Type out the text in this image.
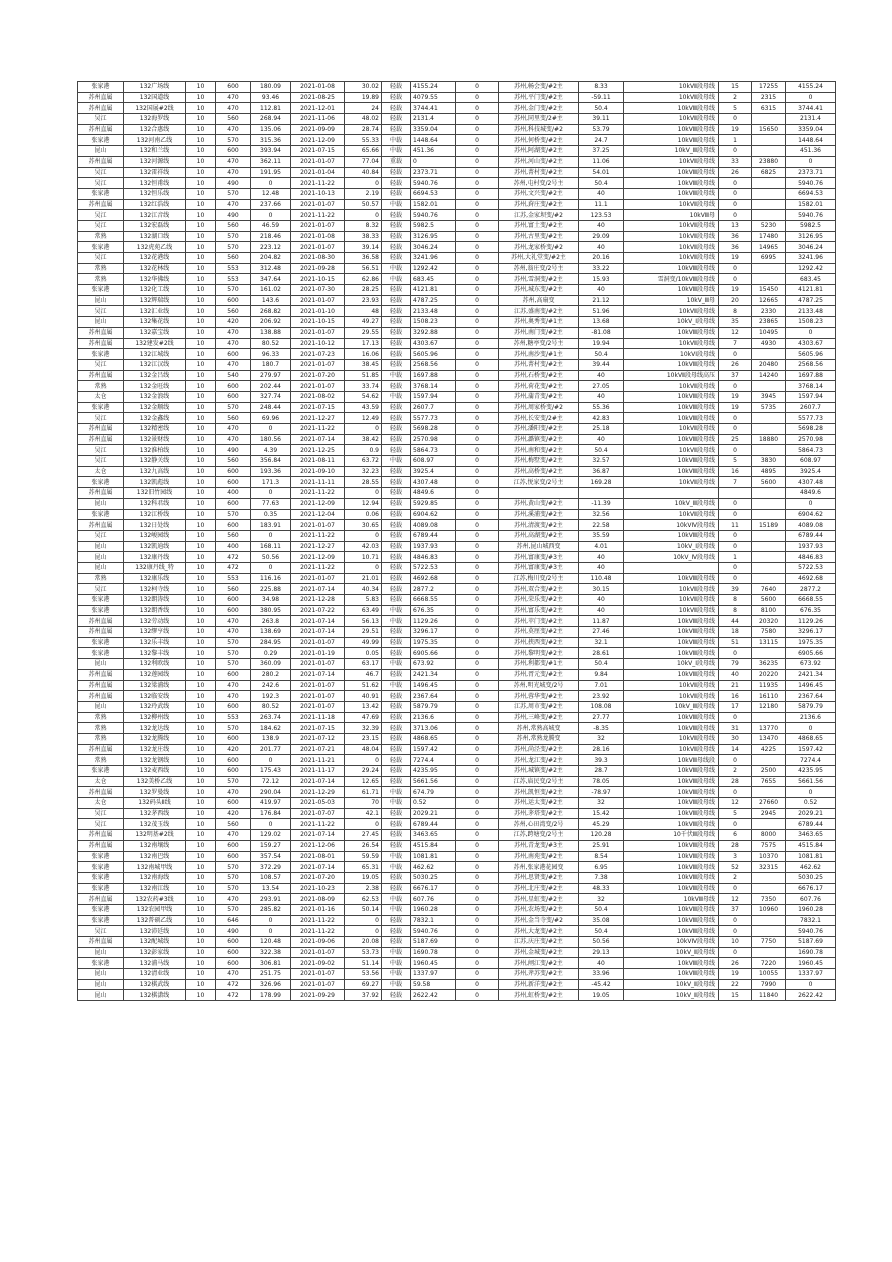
张家港	132广场线	10	600	180.09	2021-01-08	30.02	轻载	4155.24	0	苏州,畅会变/#2主	8.33	10kVⅡ段母线	15	17255	4155.24
苏州直属	132国道线	10	470	93.46	2021-08-25	19.89	轻载	4079.55	0	苏州,平门变/#2主	-59.11	10kVⅡ段母线	2	2315	0
苏州直属	132国展#2线	10	470	112.81	2021-12-01	24	轻载	3744.41	0	苏州,金门变/#2主	50.4	10kVⅢ段母线	5	6315	3744.41
吴江	132海罗线	10	560	268.94	2021-11-06	48.02	轻载	2131.4	0	苏州,同里变/2#主	39.11	10kVⅡ段母线	0		2131.4
苏州直属	132合惠线	10	470	135.06	2021-09-09	28.74	轻载	3359.04	0	苏州,科技城变/#2	53.79	10kVⅢ段母线	19	15650	3359.04
张家港	132河南乙线	10	570	315.36	2021-12-09	55.33	中载	1448.64	0	苏州,何桥变/#2主	24.7	10kVⅢ段母线	1		1448.64
昆山	132和兰线	10	600	393.94	2021-07-15	65.66	中载	451.36	0	苏州,阿湖变/#2主	37.25	10kV_Ⅲ段母线	0		451.36
苏州直属	132河源线	10	470	362.11	2021-01-07	77.04	重载	0	0	苏州,河山变/#2主	11.06	10kVⅡ段母线	33	23880	0
吴江	132雷祥线	10	470	191.95	2021-01-04	40.84	轻载	2373.71	0	苏州,菁村变/#2主	54.01	10kVⅢ段母线	26	6825	2373.71
吴江	132恒甫线	10	490	0	2021-11-22	0	轻载	5940.76	0	苏州,屯村变/2号主	50.4	10kVⅢ段母线	0		5940.76
张家港	132恒乐线	10	570	12.48	2021-10-13	2.19	轻载	6694.53	0	苏州,文兴变/#2主	40	10kVⅢ段母线	0		6694.53
苏州直属	132红浩线	10	470	237.66	2021-01-07	50.57	中载	1582.01	0	苏州,葑庄变/#2主	11.1	10kVⅡ段母线	0		1582.01
吴江	132江音线	10	490	0	2021-11-22	0	轻载	5940.76	0	江苏,金家坝变/#2	123.53	10kVⅢ母	0		5940.76
吴江	132宏磊线	10	560	46.59	2021-01-07	8.32	轻载	5982.5	0	苏州,富土变/#2主	40	10kVⅡ段母线	13	5230	5982.5
常熟	132湖口线	10	570	218.46	2021-01-08	38.33	轻载	3126.95	0	苏州,古里变/#2主	29.09	10kVⅡ段母线	36	17480	3126.95
张家港	132虎苑乙线	10	570	223.12	2021-01-07	39.14	轻载	3046.24	0	苏州,龙家桥变/#2	40	10kVⅡ段母线	36	14965	3046.24
吴江	132花港线	10	560	204.82	2021-08-30	36.58	轻载	3241.96	0	苏州,大礼堂变/#2主	20.16	10kVⅡ段母线	19	6995	3241.96
常熟	132花林线	10	553	312.48	2021-09-28	56.51	中载	1292.42	0	苏州,翁庄变/2号主	33.22	10kVⅢ段母线	0		1292.42
常熟	132华佛线	10	553	347.64	2021-10-15	62.86	中载	683.45	0	苏州,雪洞变/#2主	15.93	雪洞变/10kVⅢ段母线	0		683.45
张家港	132化工线	10	570	161.02	2021-07-30	28.25	轻载	4121.81	0	苏州,城东变/#2主	40	10kVⅢ段母线	19	15450	4121.81
昆山	132辉瑞线	10	600	143.6	2021-01-07	23.93	轻载	4787.25	0	苏州,高扇变	21.12	10kV_Ⅲ母	20	12665	4787.25
吴江	132汇业线	10	560	268.82	2021-01-10	48	轻载	2133.48	0	江苏,盛南变/#2主	51.96	10kVⅡ段母线	8	2330	2133.48
昆山	132集花线	10	420	206.92	2021-10-15	49.27	轻载	1508.23	0	苏州,奥秀变/#1主	13.68	10kV_Ⅰ段母线	35	23865	1508.23
苏州直属	132嘉宝线	10	470	138.88	2021-01-07	29.55	轻载	3292.88	0	苏州,南门变/#2主	-81.08	10kVⅢ段母线	12	10495	0
苏州直属	132建发#2线	10	470	80.52	2021-10-12	17.13	轻载	4303.67	0	苏州,糖亭变/2号主	19.94	10kVⅡ段母线	7	4930	4303.67
张家港	132江城线	10	600	96.33	2021-07-23	16.06	轻载	5605.96	0	苏州,南沙变/#1主	50.4	10kVⅠ段母线	0		5605.96
吴江	132江汉线	10	470	180.7	2021-01-07	38.45	轻载	2568.56	0	苏州,菁村变/#2主	39.44	10kVⅢ段母线	26	20480	2568.56
苏州直属	132金吕线	10	540	279.97	2021-07-20	51.85	中载	1697.88	0	苏州,石桥变/#2主	40	10kVⅡ段母线高压	37	14240	1697.88
常熟	132金旺线	10	600	202.44	2021-01-07	33.74	轻载	3768.14	0	苏州,荷花变/#2主	27.05	10kVⅡ段母线	0		3768.14
太仓	132金浪线	10	600	327.74	2021-08-02	54.62	中载	1597.94	0	苏州,蒲青变/#2主	40	10kVⅢ段母线	19	3945	1597.94
张家港	132金顺线	10	570	248.44	2021-07-15	43.59	轻载	2607.7	0	苏州,周家桥变/#2	55.36	10kVⅢ段母线	19	5735	2607.7
吴江	132金鑫线	10	560	69.96	2021-12-27	12.49	轻载	5577.73	0	苏州,长安变/2#主	42.83	10kVⅢ段母线	0		5577.73
苏州直属	132精密线	10	470	0	2021-11-22	0	轻载	5698.28	0	苏州,潘阳变/#2主	25.18	10kVⅡ段母线	0		5698.28
苏州直属	132景财线	10	470	180.56	2021-07-14	38.42	轻载	2570.98	0	苏州,潞镇变/#2主	40	10kVⅢ段母线	25	18880	2570.98
吴江	132淮柏线	10	490	4.39	2021-12-25	0.9	轻载	5864.73	0	苏州,南和变/#2主	50.4	10kVⅡ段母线	0		5864.73
吴江	132静关线	10	560	356.84	2021-08-11	63.72	中载	608.97	0	苏州,梅墅变/#2主	32.57	10kVⅢ段母线	5	3830	608.97
太仓	132九高线	10	600	193.36	2021-09-10	32.23	轻载	3925.4	0	苏州,高桥变/#2主	36.87	10kVⅢ段母线	16	4895	3925.4
张家港	132凯彪线	10	600	171.3	2021-11-11	28.55	轻载	4307.48	0	江苏,悦家变/2号主	169.28	10kVⅡ段母线	7	5600	4307.48
苏州直属	132旧竹园线	10	400	0	2021-11-22	0	轻载	4849.6	0						4849.6
昆山	132科君线	10	600	77.63	2021-12-09	12.94	轻载	5929.85	0	苏州,黄山变/#2主	-11.39	10kV_Ⅲ段母线	0		0
张家港	132江桥线	10	570	0.35	2021-12-04	0.06	轻载	6904.62	0	苏州,溪浦变/#2主	32.56	10kVⅡ段母线	0		6904.62
苏州直属	132日处线	10	600	183.91	2021-01-07	30.65	轻载	4089.08	0	苏州,清渡变/#2主	22.58	10kVⅣ段母线	11	15189	4089.08
吴江	132峻园线	10	560	0	2021-11-22	0	轻载	6789.44	0	苏州,高湖变/#2主	35.59	10kVⅢ段母线	0		6789.44
昆山	132凯迪线	10	400	168.11	2021-12-27	42.03	轻载	1937.93	0	苏州,昆山城西变	4.01	10kV_Ⅰ段母线	0		1937.93
昆山	132康丹线	10	472	50.56	2021-12-09	10.71	轻载	4846.83	0	苏州,富康变/#3主	40	10kV_Ⅳ段母线	1		4846.83
昆山	132康丹线_特	10	472	0	2021-11-22	0	轻载	5722.53	0	苏州,富康变/#3主	40		0		5722.53
常熟	132康乐线	10	553	116.16	2021-01-07	21.01	轻载	4692.68	0	江苏,梅川变/2号主	110.48	10kVⅢ段母线	0		4692.68
吴江	132柯寺线	10	560	225.88	2021-07-14	40.34	轻载	2877.2	0	苏州,双合变/#2主	30.15	10kVⅡ段母线	39	7640	2877.2
张家港	132朗涛线	10	600	34.98	2021-12-28	5.83	轻载	6668.55	0	苏州,荣乐变/#2主	40	10kVⅡ段母线	8	5600	6668.55
张家港	132朗香线	10	600	380.95	2021-07-22	63.49	中载	676.35	0	苏州,富乐变/#2主	40	10kVⅡ段母线	8	8100	676.35
苏州直属	132劳动线	10	470	263.8	2021-07-14	56.13	中载	1129.26	0	苏州,苹门变/#2主	11.87	10kVⅢ段母线	44	20320	1129.26
苏州直属	132缪亨线	10	470	138.69	2021-07-14	29.51	轻载	3296.17	0	苏州,莫厘变/#2主	27.46	10kVⅢ段母线	18	7580	3296.17
张家港	132乐丰线	10	570	284.95	2021-01-07	49.99	轻载	1975.35	0	苏州,挟西变/#2主	32.1	10kVⅢ段母线	51	13115	1975.35
张家港	132黎丰线	10	570	0.29	2021-01-19	0.05	轻载	6905.66	0	苏州,黎明变/#2主	28.61	10kVⅢ段母线	0		6905.66
昆山	132利欧线	10	570	360.09	2021-01-07	63.17	中载	673.92	0	苏州,利都变/#1主	50.4	10kV_Ⅰ段母线	79	36235	673.92
苏州直属	132莲园线	10	600	280.2	2021-07-14	46.7	轻载	2421.34	0	苏州,胥元变/#2主	9.84	10kVⅢ段母线	40	20220	2421.34
苏州直属	132梁浦线	10	470	242.6	2021-01-07	51.62	中载	1496.45	0	苏州,明光城变/2号	7.01	10kVⅡ段母线	21	11935	1496.45
苏州直属	132临安线	10	470	192.3	2021-01-07	40.91	轻载	2367.64	0	苏州,蓉华变/#2主	23.92	10kVⅡ段母线	16	16110	2367.64
昆山	132玲武线	10	600	80.52	2021-01-07	13.42	轻载	5879.79	0	江苏,周市变/#2主	108.08	10kV_Ⅲ段母线	17	12180	5879.79
常熟	132柳州线	10	553	263.74	2021-11-18	47.69	轻载	2136.6	0	苏州,三峰变/#2主	27.77	10kVⅢ段母线	0		2136.6
常熟	132龙达线	10	570	184.62	2021-07-15	32.39	轻载	3713.06	0	苏州,常熟高城变	-8.35	10kVⅢ段母线	31	13770	0
常熟	132龙腾线	10	600	138.9	2021-07-12	23.15	轻载	4868.65	0	苏州,常熟龙腾变	32	10kVⅡ段母线	30	13470	4868.65
苏州直属	132龙庄线	10	420	201.77	2021-07-21	48.04	轻载	1597.42	0	苏州,尚泾变/#2主	28.16	10kVⅡ段母线	14	4225	1597.42
常熟	132龙钢线	10	600	0	2021-11-21	0	轻载	7274.4	0	苏州,龙江变/#2主	39.3	10kVⅢ母线段	0		7274.4
张家港	132麦西线	10	600	175.43	2021-11-17	29.24	轻载	4235.95	0	苏州,城镇变/#2主	28.7	10kVⅢ段母线	2	2500	4235.95
太仓	132美桥乙线	10	570	72.12	2021-07-14	12.65	轻载	5661.56	0	江苏,庙民变/2号主	78.05	10kVⅢ段母线	28	7655	5661.56
苏州直属	132罗曼线	10	470	290.04	2021-12-29	61.71	中载	674.79	0	苏州,凯恒变/#2主	-78.97	10kVⅢ段母线	0		0
太仓	132码头Ⅱ线	10	600	419.97	2021-05-03	70	中载	0.52	0	苏州,运太变/#2主	32	10kVⅢ段母线	12	27660	0.52
吴江	132茅西线	10	420	176.84	2021-07-07	42.1	轻载	2029.21	0	苏州,茅塔变/#2主	15.42	10kVⅢ段母线	5	2945	2029.21
吴江	132茂玉线	10	560	0	2021-11-22	0	轻载	6789.44	0	苏州,心田湾变/2号	45.29	10kVⅢ段母线	0		6789.44
苏州直属	132明基#2线	10	470	129.02	2021-07-14	27.45	轻载	3463.65	0	江苏,跨塘变/2号主	120.28	10千伏Ⅲ段母线	6	8000	3463.65
苏州直属	132南壤线	10	600	159.27	2021-12-06	26.54	轻载	4515.84	0	苏州,青龙变/#3主	25.91	10kVⅢ段母线	28	7575	4515.84
张家港	132南巴线	10	600	357.54	2021-08-01	59.59	中载	1081.81	0	苏州,南苑变/#2主	8.54	10kVⅢ段母线	3	10370	1081.81
张家港	132南城甲线	10	570	372.29	2021-07-14	65.31	中载	462.62	0	苏州,张家港花园变	6.95	10kVⅢ段母线	52	32315	462.62
张家港	132南海线	10	570	108.57	2021-07-20	19.05	轻载	5030.25	0	苏州,思贤变/#2主	7.38	10kVⅢ段母线	2		5030.25
张家港	132南江线	10	570	13.54	2021-10-23	2.38	轻载	6676.17	0	苏州,北庄变/#2主	48.33	10kVⅢ段母线	0		6676.17
苏州直属	132农药#3线	10	470	293.91	2021-08-09	62.53	中载	607.76	0	苏州,星虹变/#2主	32	10kVⅢ母线	12	7350	607.76
张家港	132农园甲线	10	570	285.82	2021-01-16	50.14	中载	1960.28	0	苏州,农场变/#2主	50.4	10kVⅢ段母线	37	10960	1960.28
张家港	132普硕乙线	10	646	0	2021-11-22	0	轻载	7832.1	0	苏州,金当寺变/#2	35.08	10kVⅢ段母线	0		7832.1
吴江	132沛廷线	10	490	0	2021-11-22	0	轻载	5940.76	0	苏州,大龙变/#2主	50.4	10kVⅢ段母线	0		5940.76
苏州直属	132配城线	10	600	120.48	2021-09-06	20.08	轻载	5187.69	0	江苏,庆庄变/#2主	50.56	10kVⅣ段母线	10	7750	5187.69
昆山	132彭家线	10	600	322.38	2021-01-07	53.73	中载	1690.78	0	苏州,金城变/#2主	29.13	10kV_Ⅱ段母线	0		1690.78
张家港	132浦马线	10	600	306.81	2021-09-02	51.14	中载	1960.45	0	苏州,闸江变/#2主	40	10kVⅢ段母线	26	7220	1960.45
昆山	132清业线	10	470	251.75	2021-01-07	53.56	中载	1337.97	0	苏州,斧苏变/#2主	33.96	10kVⅢ段母线	19	10055	1337.97
昆山	132棋武线	10	472	326.96	2021-01-07	69.27	中载	59.58	0	苏州,新洋变/#2主	-45.42	10kV_Ⅱ段母线	22	7990	0
昆山	132棋潇线	10	472	178.99	2021-09-29	37.92	轻载	2622.42	0	苏州,虹桥变/#2主	19.05	10kV_Ⅱ段母线	15	11840	2622.42
